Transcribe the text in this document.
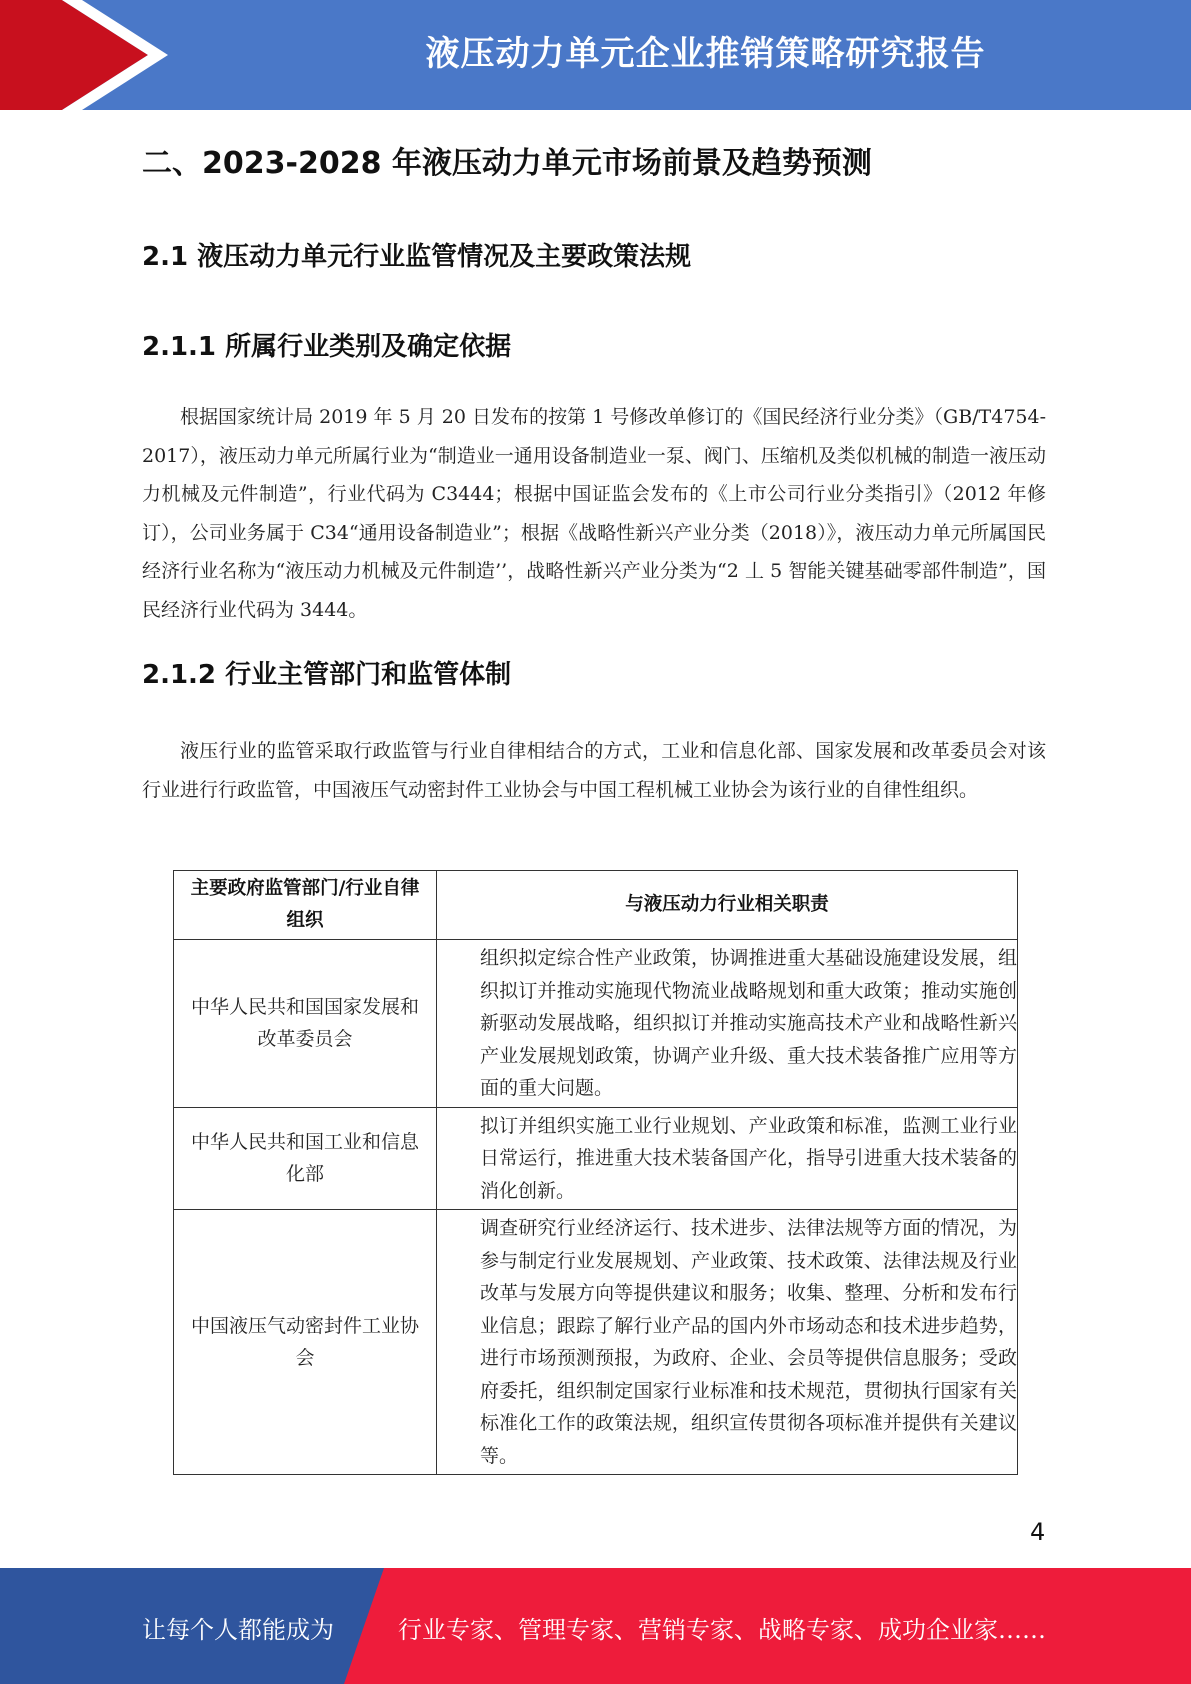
液压动力单元企业推销策略研究报告
二、2023-2028 年液压动力单元市场前景及趋势预测
2.1 液压动力单元行业监管情况及主要政策法规
2.1.1 所属行业类别及确定依据
根据国家统计局 2019 年 5 月 20 日发布的按第 1 号修改单修订的《国民经济行业分类》（GB/T4754-2017），液压动力单元所属行业为“制造业一通用设备制造业一泵、阀门、压缩机及类似机械的制造一液压动力机械及元件制造”，行业代码为 C3444；根据中国证监会发布的《上市公司行业分类指引》（2012 年修订），公司业务属于 C34“通用设备制造业”；根据《战略性新兴产业分类（2018）》，液压动力单元所属国民经济行业名称为“液压动力机械及元件制造’’，战略性新兴产业分类为“2 丄 5 智能关键基础零部件制造”，国民经济行业代码为 3444。
2.1.2 行业主管部门和监管体制
液压行业的监管采取行政监管与行业自律相结合的方式，工业和信息化部、国家发展和改革委员会对该行业进行行政监管，中国液压气动密封件工业协会与中国工程机械工业协会为该行业的自律性组织。
主要政府监管部门/行业自律组织	与液压动力行业相关职责
中华人民共和国国家发展和改革委员会	组织拟定综合性产业政策，协调推进重大基础设施建设发展，组织拟订并推动实施现代物流业战略规划和重大政策；推动实施创新驱动发展战略，组织拟订并推动实施高技术产业和战略性新兴产业发展规划政策，协调产业升级、重大技术装备推广应用等方面的重大问题。
中华人民共和国工业和信息化部	拟订并组织实施工业行业规划、产业政策和标准，监测工业行业日常运行，推进重大技术装备国产化，指导引进重大技术装备的消化创新。
中国液压气动密封件工业协会	调查研究行业经济运行、技术进步、法律法规等方面的情况，为参与制定行业发展规划、产业政策、技术政策、法律法规及行业改革与发展方向等提供建议和服务；收集、整理、分析和发布行业信息；跟踪了解行业产品的国内外市场动态和技术进步趋势，进行市场预测预报，为政府、企业、会员等提供信息服务；受政府委托，组织制定国家行业标准和技术规范，贯彻执行国家有关标准化工作的政策法规，组织宣传贯彻各项标准并提供有关建议等。
4
让每个人都能成为	行业专家、管理专家、营销专家、战略专家、成功企业家……
